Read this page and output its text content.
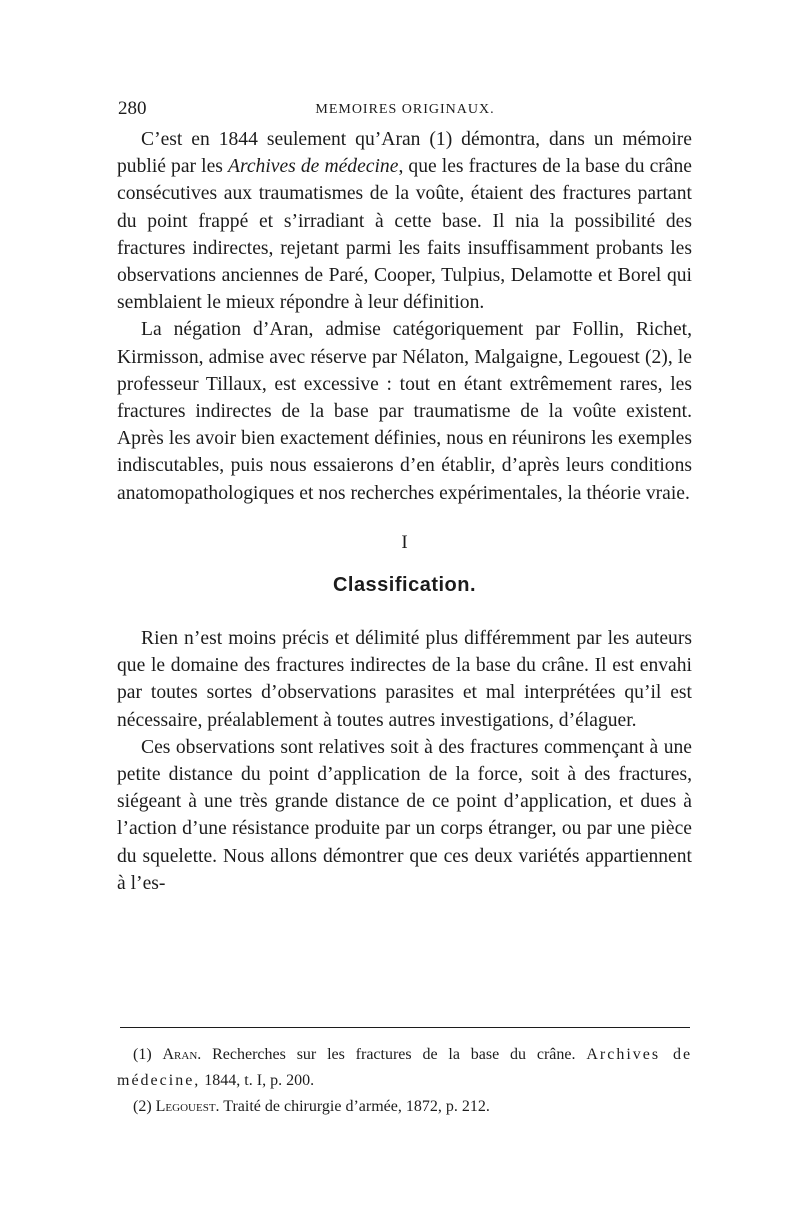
280	MEMOIRES ORIGINAUX.

C’est en 1844 seulement qu’Aran (1) démontra, dans un mémoire publié par les Archives de médecine, que les fractures de la base du crâne consécutives aux traumatismes de la voûte, étaient des fractures partant du point frappé et s’irradiant à cette base. Il nia la possibilité des fractures indirectes, rejetant parmi les faits insuffisamment probants les observations anciennes de Paré, Cooper, Tulpius, Delamotte et Borel qui semblaient le mieux répondre à leur définition.

La négation d’Aran, admise catégoriquement par Follin, Richet, Kirmisson, admise avec réserve par Nélaton, Malgaigne, Legouest (2), le professeur Tillaux, est excessive : tout en étant extrêmement rares, les fractures indirectes de la base par traumatisme de la voûte existent. Après les avoir bien exactement définies, nous en réunirons les exemples indiscutables, puis nous essaierons d’en établir, d’après leurs conditions anatomopathologiques et nos recherches expérimentales, la théorie vraie.

I
Classification.

Rien n’est moins précis et délimité plus différemment par les auteurs que le domaine des fractures indirectes de la base du crâne. Il est envahi par toutes sortes d’observations parasites et mal interprétées qu’il est nécessaire, préalablement à toutes autres investigations, d’élaguer.

Ces observations sont relatives soit à des fractures commençant à une petite distance du point d’application de la force, soit à des fractures, siégeant à une très grande distance de ce point d’application, et dues à l’action d’une résistance produite par un corps étranger, ou par une pièce du squelette. Nous allons démontrer que ces deux variétés appartiennent à l’es-

(1) Aran. Recherches sur les fractures de la base du crâne. Archives de médecine, 1844, t. I, p. 200.

(2) Legouest. Traité de chirurgie d’armée, 1872, p. 212.
